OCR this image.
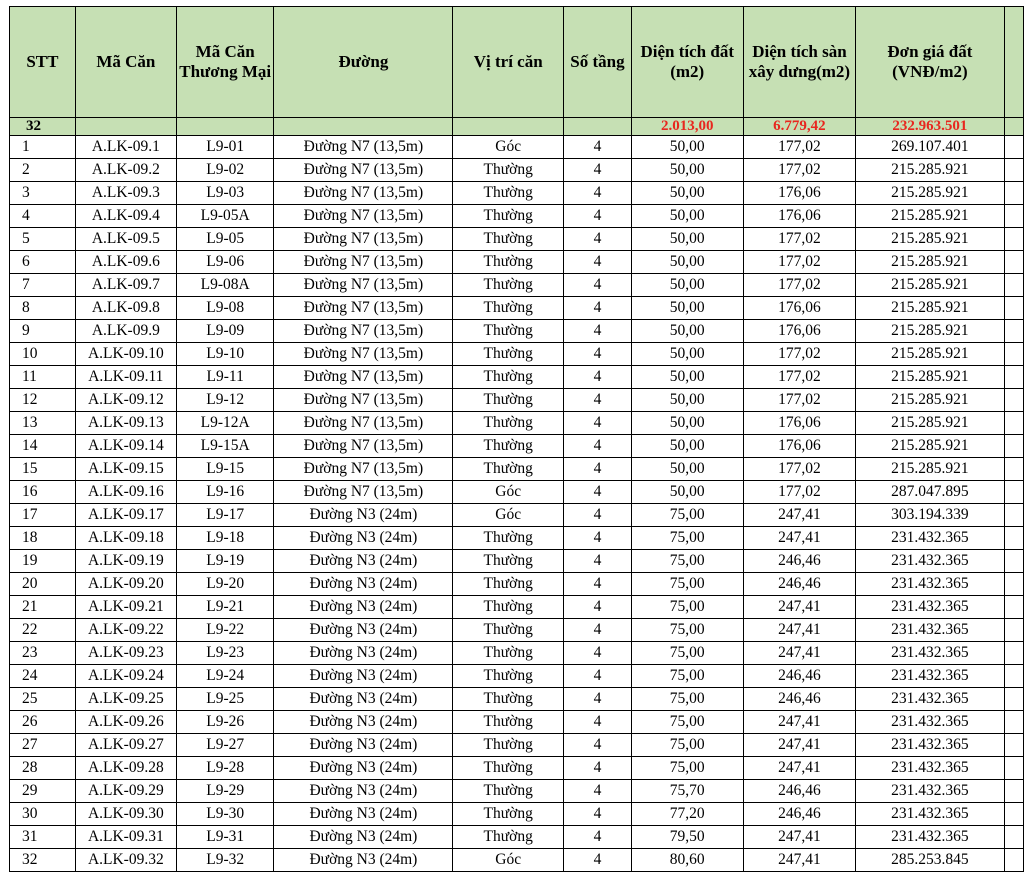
STT	Mã Căn	Mã Căn Thương Mại	Đường	Vị trí căn	Số tầng	Diện tích đất (m2)	Diện tích sàn xây dưng(m2)	Đơn giá đất (VNĐ/m2)	
32						2.013,00	6.779,42	232.963.501	
1	A.LK-09.1	L9-01	Đường N7 (13,5m)	Góc	4	50,00	177,02	269.107.401	
2	A.LK-09.2	L9-02	Đường N7 (13,5m)	Thường	4	50,00	177,02	215.285.921	
3	A.LK-09.3	L9-03	Đường N7 (13,5m)	Thường	4	50,00	176,06	215.285.921	
4	A.LK-09.4	L9-05A	Đường N7 (13,5m)	Thường	4	50,00	176,06	215.285.921	
5	A.LK-09.5	L9-05	Đường N7 (13,5m)	Thường	4	50,00	177,02	215.285.921	
6	A.LK-09.6	L9-06	Đường N7 (13,5m)	Thường	4	50,00	177,02	215.285.921	
7	A.LK-09.7	L9-08A	Đường N7 (13,5m)	Thường	4	50,00	177,02	215.285.921	
8	A.LK-09.8	L9-08	Đường N7 (13,5m)	Thường	4	50,00	176,06	215.285.921	
9	A.LK-09.9	L9-09	Đường N7 (13,5m)	Thường	4	50,00	176,06	215.285.921	
10	A.LK-09.10	L9-10	Đường N7 (13,5m)	Thường	4	50,00	177,02	215.285.921	
11	A.LK-09.11	L9-11	Đường N7 (13,5m)	Thường	4	50,00	177,02	215.285.921	
12	A.LK-09.12	L9-12	Đường N7 (13,5m)	Thường	4	50,00	177,02	215.285.921	
13	A.LK-09.13	L9-12A	Đường N7 (13,5m)	Thường	4	50,00	176,06	215.285.921	
14	A.LK-09.14	L9-15A	Đường N7 (13,5m)	Thường	4	50,00	176,06	215.285.921	
15	A.LK-09.15	L9-15	Đường N7 (13,5m)	Thường	4	50,00	177,02	215.285.921	
16	A.LK-09.16	L9-16	Đường N7 (13,5m)	Góc	4	50,00	177,02	287.047.895	
17	A.LK-09.17	L9-17	Đường N3 (24m)	Góc	4	75,00	247,41	303.194.339	
18	A.LK-09.18	L9-18	Đường N3 (24m)	Thường	4	75,00	247,41	231.432.365	
19	A.LK-09.19	L9-19	Đường N3 (24m)	Thường	4	75,00	246,46	231.432.365	
20	A.LK-09.20	L9-20	Đường N3 (24m)	Thường	4	75,00	246,46	231.432.365	
21	A.LK-09.21	L9-21	Đường N3 (24m)	Thường	4	75,00	247,41	231.432.365	
22	A.LK-09.22	L9-22	Đường N3 (24m)	Thường	4	75,00	247,41	231.432.365	
23	A.LK-09.23	L9-23	Đường N3 (24m)	Thường	4	75,00	247,41	231.432.365	
24	A.LK-09.24	L9-24	Đường N3 (24m)	Thường	4	75,00	246,46	231.432.365	
25	A.LK-09.25	L9-25	Đường N3 (24m)	Thường	4	75,00	246,46	231.432.365	
26	A.LK-09.26	L9-26	Đường N3 (24m)	Thường	4	75,00	247,41	231.432.365	
27	A.LK-09.27	L9-27	Đường N3 (24m)	Thường	4	75,00	247,41	231.432.365	
28	A.LK-09.28	L9-28	Đường N3 (24m)	Thường	4	75,00	247,41	231.432.365	
29	A.LK-09.29	L9-29	Đường N3 (24m)	Thường	4	75,70	246,46	231.432.365	
30	A.LK-09.30	L9-30	Đường N3 (24m)	Thường	4	77,20	246,46	231.432.365	
31	A.LK-09.31	L9-31	Đường N3 (24m)	Thường	4	79,50	247,41	231.432.365	
32	A.LK-09.32	L9-32	Đường N3 (24m)	Góc	4	80,60	247,41	285.253.845	
